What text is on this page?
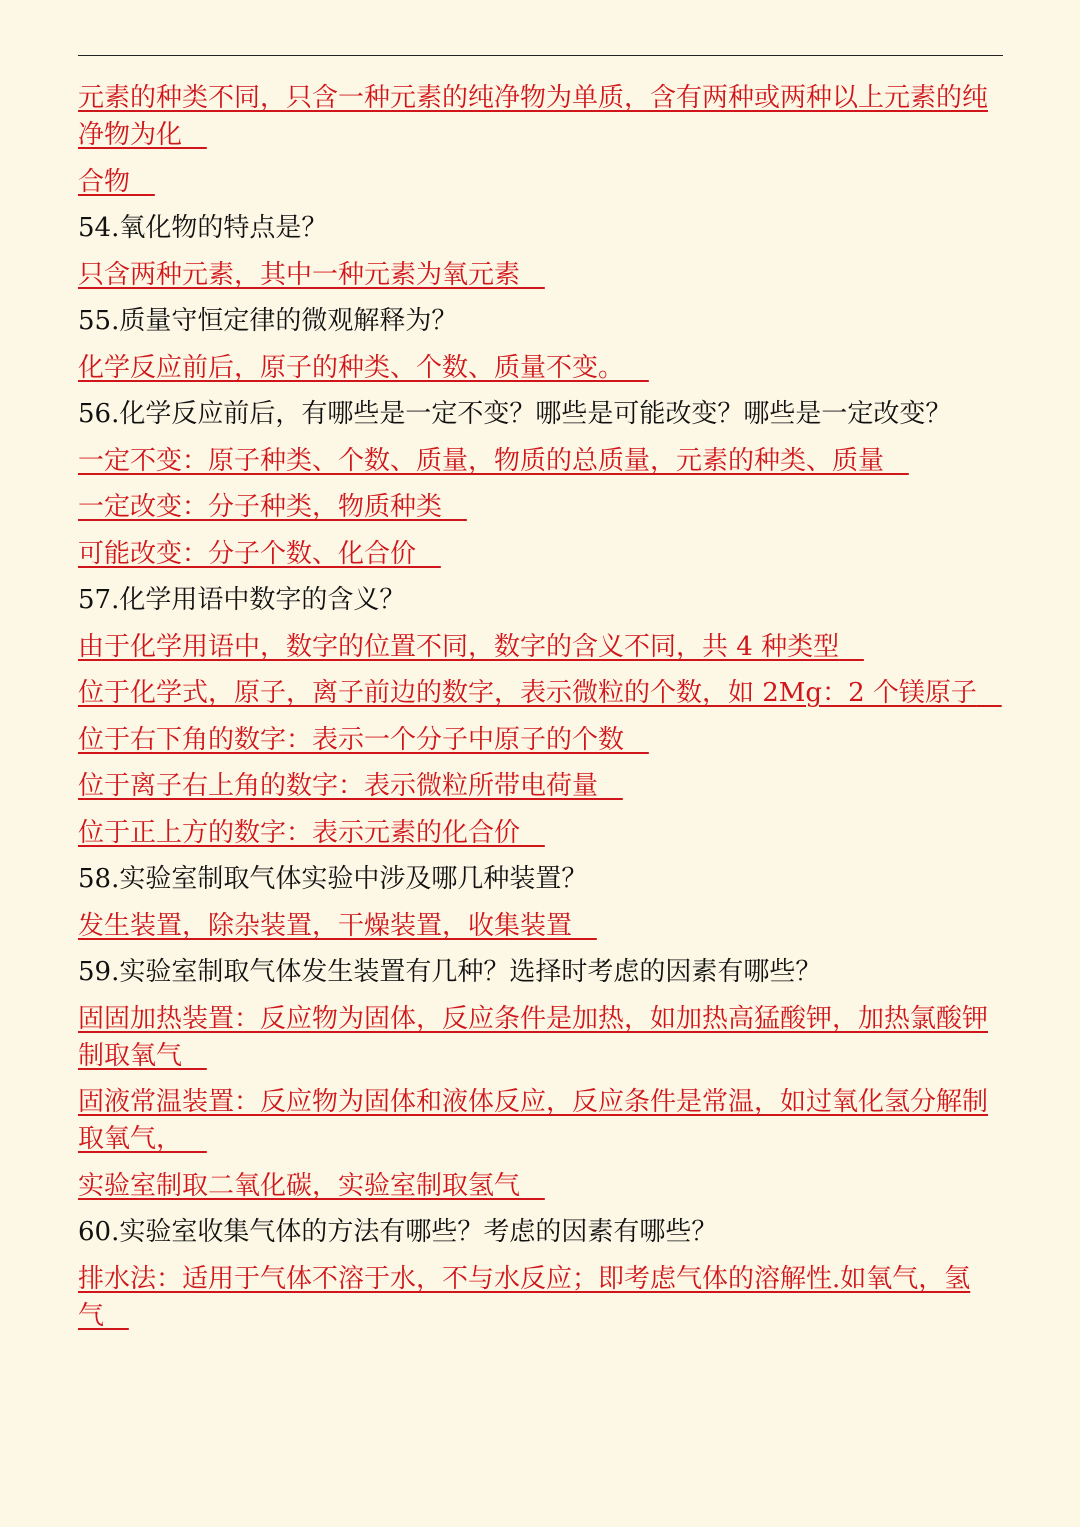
元素的种类不同，只含一种元素的纯净物为单质，含有两种或两种以上元素的纯净物为化
合物
54.氧化物的特点是？
只含两种元素，其中一种元素为氧元素
55.质量守恒定律的微观解释为？
化学反应前后，原子的种类、个数、质量不变。
56.化学反应前后，有哪些是一定不变？哪些是可能改变？哪些是一定改变？
一定不变：原子种类、个数、质量，物质的总质量，元素的种类、质量
一定改变：分子种类，物质种类
可能改变：分子个数、化合价
57.化学用语中数字的含义？
由于化学用语中，数字的位置不同，数字的含义不同，共 4 种类型
位于化学式，原子，离子前边的数字，表示微粒的个数，如 2Mg：2 个镁原子
位于右下角的数字：表示一个分子中原子的个数
位于离子右上角的数字：表示微粒所带电荷量
位于正上方的数字：表示元素的化合价
58.实验室制取气体实验中涉及哪几种装置？
发生装置，除杂装置，干燥装置，收集装置
59.实验室制取气体发生装置有几种？选择时考虑的因素有哪些？
固固加热装置：反应物为固体，反应条件是加热，如加热高猛酸钾，加热氯酸钾制取氧气
固液常温装置：反应物为固体和液体反应，反应条件是常温，如过氧化氢分解制取氧气，
实验室制取二氧化碳，实验室制取氢气
60.实验室收集气体的方法有哪些？考虑的因素有哪些？
排水法：适用于气体不溶于水，不与水反应；即考虑气体的溶解性.如氧气，氢气
